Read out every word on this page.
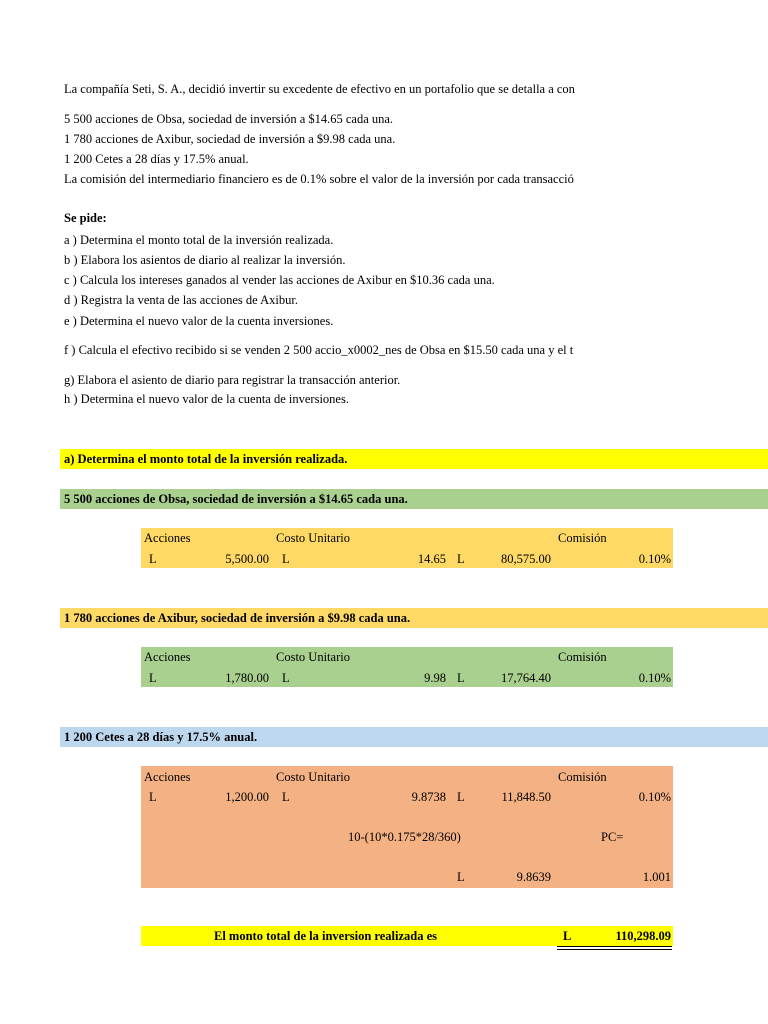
La compañía Seti, S. A., decidió invertir su excedente de efectivo en un portafolio que se detalla a con
5 500 acciones de Obsa, sociedad de inversión a $14.65 cada una.
1 780 acciones de Axibur, sociedad de inversión a $9.98 cada una.
1 200 Cetes a 28 días y 17.5% anual.
La comisión del intermediario financiero es de 0.1% sobre el valor de la inversión por cada transacció
Se pide:
a ) Determina el monto total de la inversión realizada.
b ) Elabora los asientos de diario al realizar la inversión.
c ) Calcula los intereses ganados al vender las acciones de Axibur en $10.36 cada una.
d ) Registra la venta de las acciones de Axibur.
e ) Determina el nuevo valor de la cuenta inversiones.
f ) Calcula el efectivo recibido si se venden 2 500 accio_x0002_nes de Obsa en $15.50 cada una y el t
g) Elabora el asiento de diario para registrar la transacción anterior.
h ) Determina el nuevo valor de la cuenta de inversiones.
a) Determina el monto total de la inversión realizada.
5 500 acciones de Obsa, sociedad de inversión a $14.65 cada una.
Acciones	Costo Unitario	Comisión
L	5,500.00 L	14.65 L	80,575.00	0.10%
1 780 acciones de Axibur, sociedad de inversión a $9.98 cada una.
Acciones	Costo Unitario	Comisión
L	1,780.00 L	9.98 L	17,764.40	0.10%
1 200 Cetes a 28 días y 17.5% anual.
Acciones	Costo Unitario	Comisión
L	1,200.00 L	9.8738 L	11,848.50	0.10%
10-(10*0.175*28/360)	PC=
L	9.8639	1.001
El monto total de la inversion realizada es	L	110,298.09
